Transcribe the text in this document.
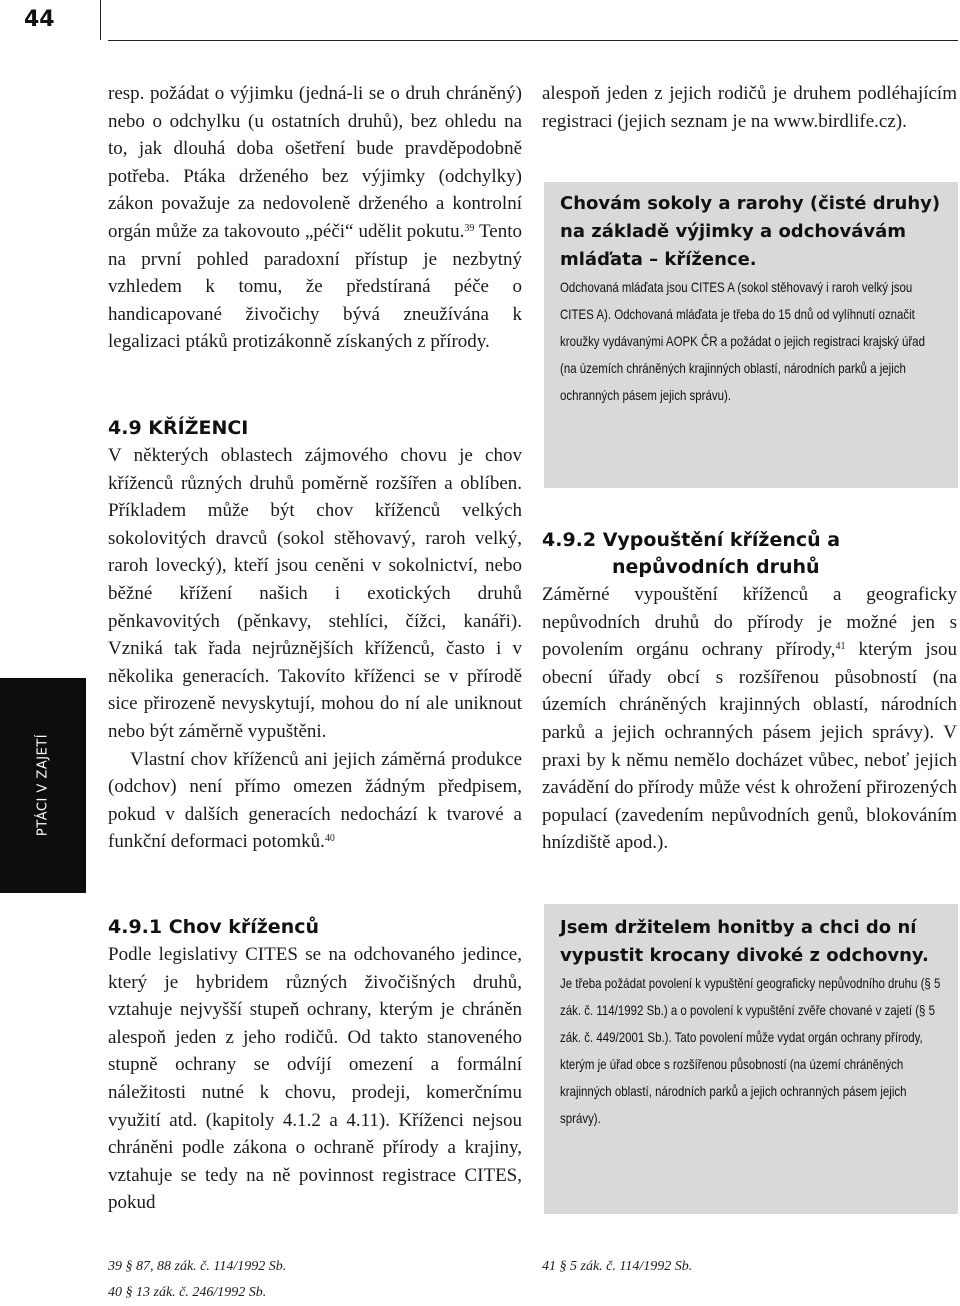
44
PTÁCI V ZAJETÍ

resp. požádat o výjimku (jedná-li se o druh chráněný) nebo o odchylku (u ostatních druhů), bez ohledu na to, jak dlouhá doba ošetření bude pravděpodobně potřeba. Ptáka drženého bez výjimky (odchylky) zákon považuje za nedovoleně drženého a kontrolní orgán může za takovouto „péči“ udělit pokutu.$^{39}$ Tento na první pohled paradoxní přístup je nezbytný vzhledem k tomu, že předstíraná péče o handicapované živočichy bývá zneužívána k legalizaci ptáků protizákonně získaných z přírody.

4.9 KŘÍŽENCI

V některých oblastech zájmového chovu je chov kříženců různých druhů poměrně rozšířen a oblíben. Příkladem může být chov kříženců velkých sokolovitých dravců (sokol stěhovavý, raroh velký, raroh lovecký), kteří jsou ceněni v sokolnictví, nebo běžné křížení našich i exotických druhů pěnkavovitých (pěnkavy, stehlíci, čížci, kanáři). Vzniká tak řada nejrůznějších kříženců, často i v několika generacích. Takovíto kříženci se v přírodě sice přirozeně nevyskytují, mohou do ní ale uniknout nebo být záměrně vypuštěni.

Vlastní chov kříženců ani jejich záměrná produkce (odchov) není přímo omezen žádným předpisem, pokud v dalších generacích nedochází k tvarové a funkční deformaci potomků.$^{40}$

4.9.1 Chov kříženců

Podle legislativy CITES se na odchovaného jedince, který je hybridem různých živočišných druhů, vztahuje nejvyšší stupeň ochrany, kterým je chráněn alespoň jeden z jeho rodičů. Od takto stanoveného stupně ochrany se odvíjí omezení a formální náležitosti nutné k chovu, prodeji, komerčnímu využití atd. (kapitoly 4.1.2 a 4.11). Kříženci nejsou chráněni podle zákona o ochraně přírody a krajiny, vztahuje se tedy na ně povinnost registrace CITES, pokud

alespoň jeden z jejich rodičů je druhem podléhajícím registraci (jejich seznam je na www.birdlife.cz).

Chovám sokoly a rarohy (čisté druhy) na základě výjimky a odchovávám mláďata – křížence.

Odchovaná mláďata jsou CITES A (sokol stěhovavý i raroh velký jsou CITES A). Odchovaná mláďata je třeba do 15 dnů od vylíhnutí označit kroužky vydávanými AOPK ČR a požádat o jejich registraci krajský úřad (na územích chráněných krajinných oblastí, národních parků a jejich ochranných pásem jejich správu).

4.9.2 Vypouštění kříženců a nepůvodních druhů

Záměrné vypouštění kříženců a geograficky nepůvodních druhů do přírody je možné jen s povolením orgánu ochrany přírody,$^{41}$ kterým jsou obecní úřady obcí s rozšířenou působností (na územích chráněných krajinných oblastí, národních parků a jejich ochranných pásem jejich správy). V praxi by k němu nemělo docházet vůbec, neboť jejich zavádění do přírody může vést k ohrožení přirozených populací (zavedením nepůvodních genů, blokováním hnízdiště apod.).

Jsem držitelem honitby a chci do ní vypustit krocany divoké z odchovny.

Je třeba požádat povolení k vypuštění geograficky nepůvodního druhu (§ 5 zák. č. 114/1992 Sb.) a o povolení k vypuštění zvěře chované v zajetí (§ 5 zák. č. 449/2001 Sb.). Tato povolení může vydat orgán ochrany přírody, kterým je úřad obce s rozšířenou působností (na území chráněných krajinných oblastí, národních parků a jejich ochranných pásem jejich správy).

39 § 87, 88 zák. č. 114/1992 Sb.
40 § 13 zák. č. 246/1992 Sb.
41 § 5 zák. č. 114/1992 Sb.
